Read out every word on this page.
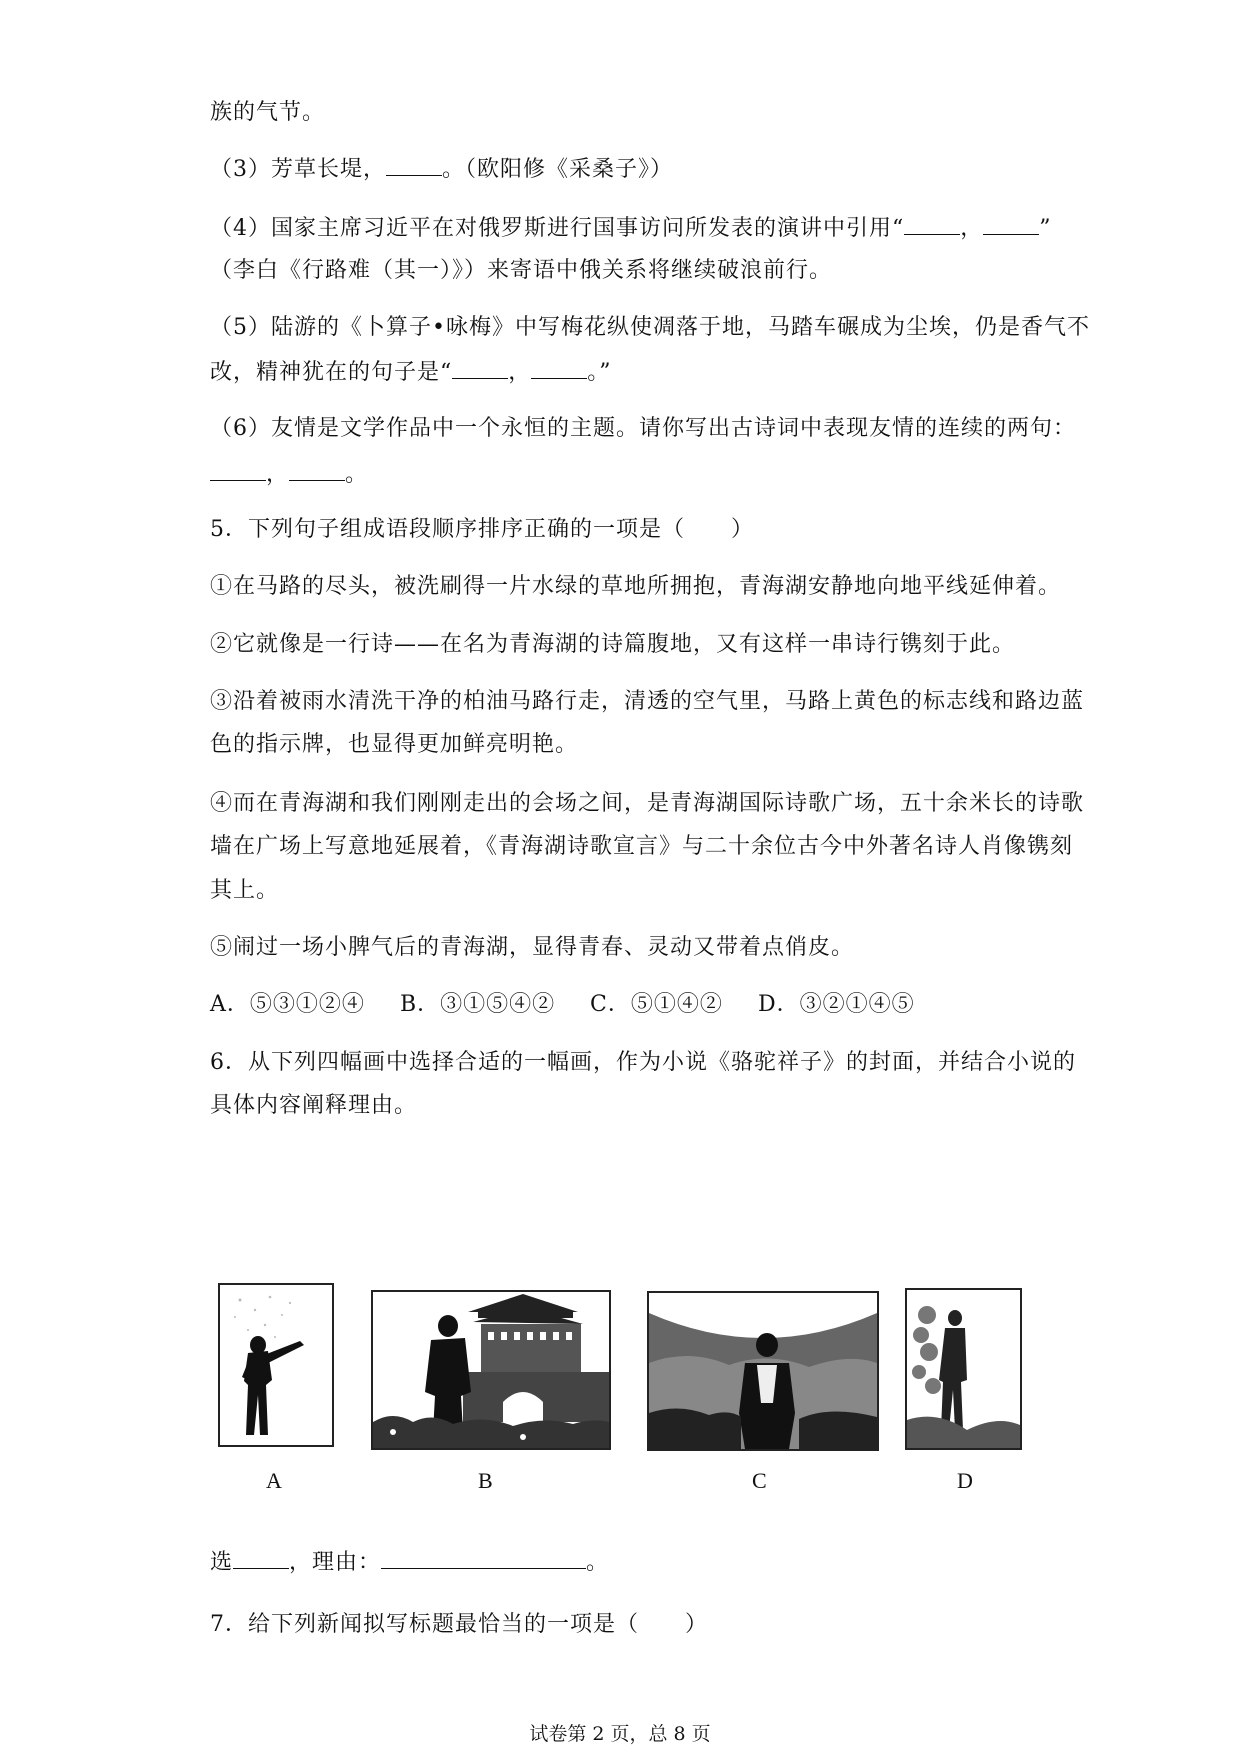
族的气节。
（3）芳草长堤，	。（欧阳修《采桑子》）
（4）国家主席习近平在对俄罗斯进行国事访问所发表的演讲中引用“	，	”
（李白《行路难（其一）》）来寄语中俄关系将继续破浪前行。
（5）陆游的《卜算子•咏梅》中写梅花纵使凋落于地，马踏车碾成为尘埃，仍是香气不
改，精神犹在的句子是“	，	。”
（6）友情是文学作品中一个永恒的主题。请你写出古诗词中表现友情的连续的两句：
，	。
5．下列句子组成语段顺序排序正确的一项是（　　）
①在马路的尽头，被洗刷得一片水绿的草地所拥抱，青海湖安静地向地平线延伸着。
②它就像是一行诗——在名为青海湖的诗篇腹地，又有这样一串诗行镌刻于此。
③沿着被雨水清洗干净的柏油马路行走，清透的空气里，马路上黄色的标志线和路边蓝
色的指示牌，也显得更加鲜亮明艳。
④而在青海湖和我们刚刚走出的会场之间，是青海湖国际诗歌广场，五十余米长的诗歌
墙在广场上写意地延展着，《青海湖诗歌宣言》与二十余位古今中外著名诗人肖像镌刻
其上。
⑤闹过一场小脾气后的青海湖，显得青春、灵动又带着点俏皮。
A．⑤③①②④ B．③①⑤④② C．⑤①④② D．③②①④⑤
6．从下列四幅画中选择合适的一幅画，作为小说《骆驼祥子》的封面，并结合小说的
具体内容阐释理由。
A	B	C	D
选	，理由：	。
7．给下列新闻拟写标题最恰当的一项是（　　）
试卷第 2 页，总 8 页
